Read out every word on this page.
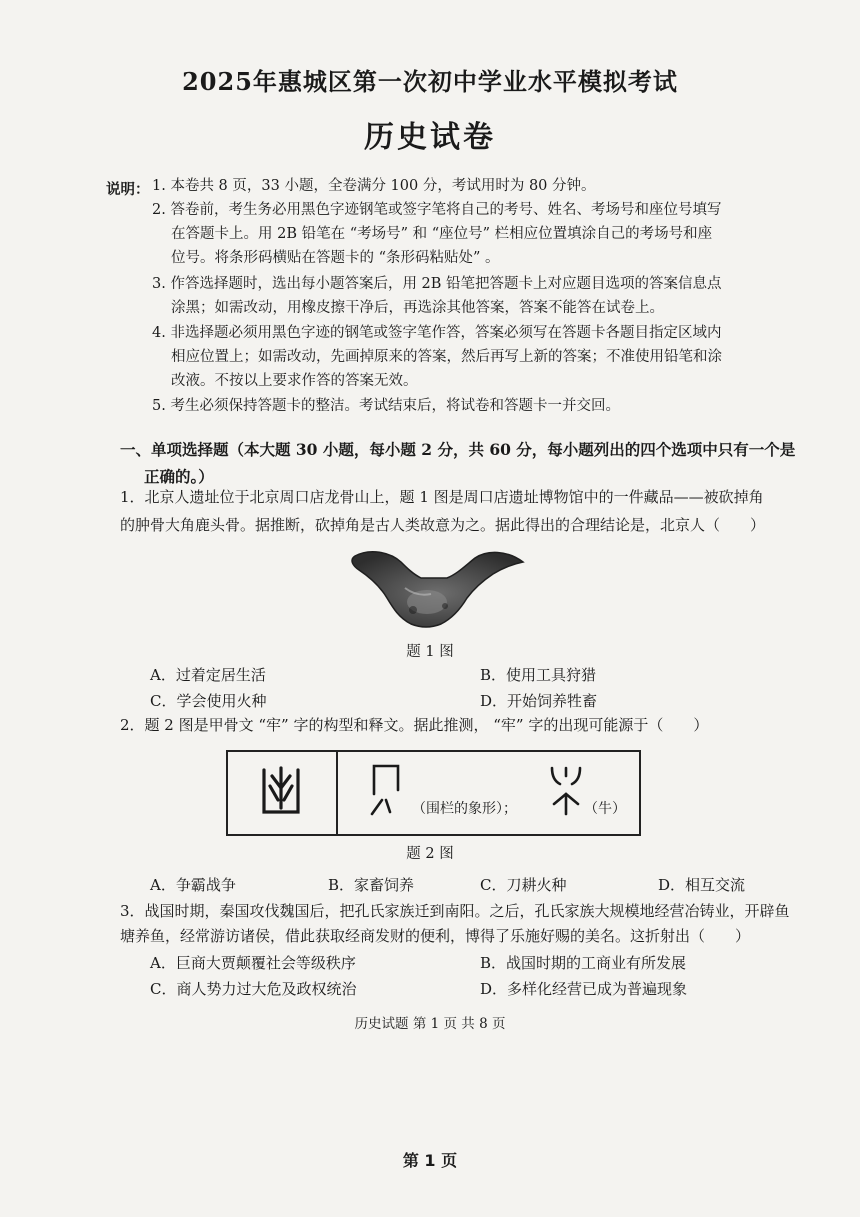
2025年惠城区第一次初中学业水平模拟考试
历史试卷
说明： 1. 本卷共 8 页，33 小题，全卷满分 100 分，考试用时为 80 分钟。
2. 答卷前，考生务必用黑色字迹钢笔或签字笔将自己的考号、姓名、考场号和座位号填写
在答题卡上。用 2B 铅笔在 “考场号” 和 “座位号” 栏相应位置填涂自己的考场号和座
位号。将条形码横贴在答题卡的 “条形码粘贴处” 。
3. 作答选择题时，选出每小题答案后，用 2B 铅笔把答题卡上对应题目选项的答案信息点
涂黑；如需改动，用橡皮擦干净后，再选涂其他答案，答案不能答在试卷上。
4. 非选择题必须用黑色字迹的钢笔或签字笔作答，答案必须写在答题卡各题目指定区域内
相应位置上；如需改动，先画掉原来的答案，然后再写上新的答案；不准使用铅笔和涂
改液。不按以上要求作答的答案无效。
5. 考生必须保持答题卡的整洁。考试结束后，将试卷和答题卡一并交回。
一、单项选择题（本大题 30 小题，每小题 2 分，共 60 分，每小题列出的四个选项中只有一个是
正确的。）
1．北京人遗址位于北京周口店龙骨山上，题 1 图是周口店遗址博物馆中的一件藏品——被砍掉角
的肿骨大角鹿头骨。据推断，砍掉角是古人类故意为之。据此得出的合理结论是，北京人（　　）
题 1 图
A．过着定居生活	B．使用工具狩猎
C．学会使用火种	D．开始饲养牲畜
2．题 2 图是甲骨文 “牢” 字的构型和释文。据此推测， “牢” 字的出现可能源于（　　）
（围栏的象形）；	（牛）
题 2 图
A．争霸战争	B．家畜饲养	C．刀耕火种	D．相互交流
3．战国时期，秦国攻伐魏国后，把孔氏家族迁到南阳。之后，孔氏家族大规模地经营冶铸业，开辟鱼
塘养鱼，经常游访诸侯，借此获取经商发财的便利，博得了乐施好赐的美名。这折射出（　　）
A．巨商大贾颠覆社会等级秩序	B．战国时期的工商业有所发展
C．商人势力过大危及政权统治	D．多样化经营已成为普遍现象
历史试题 第 1 页 共 8 页
第 1 页
